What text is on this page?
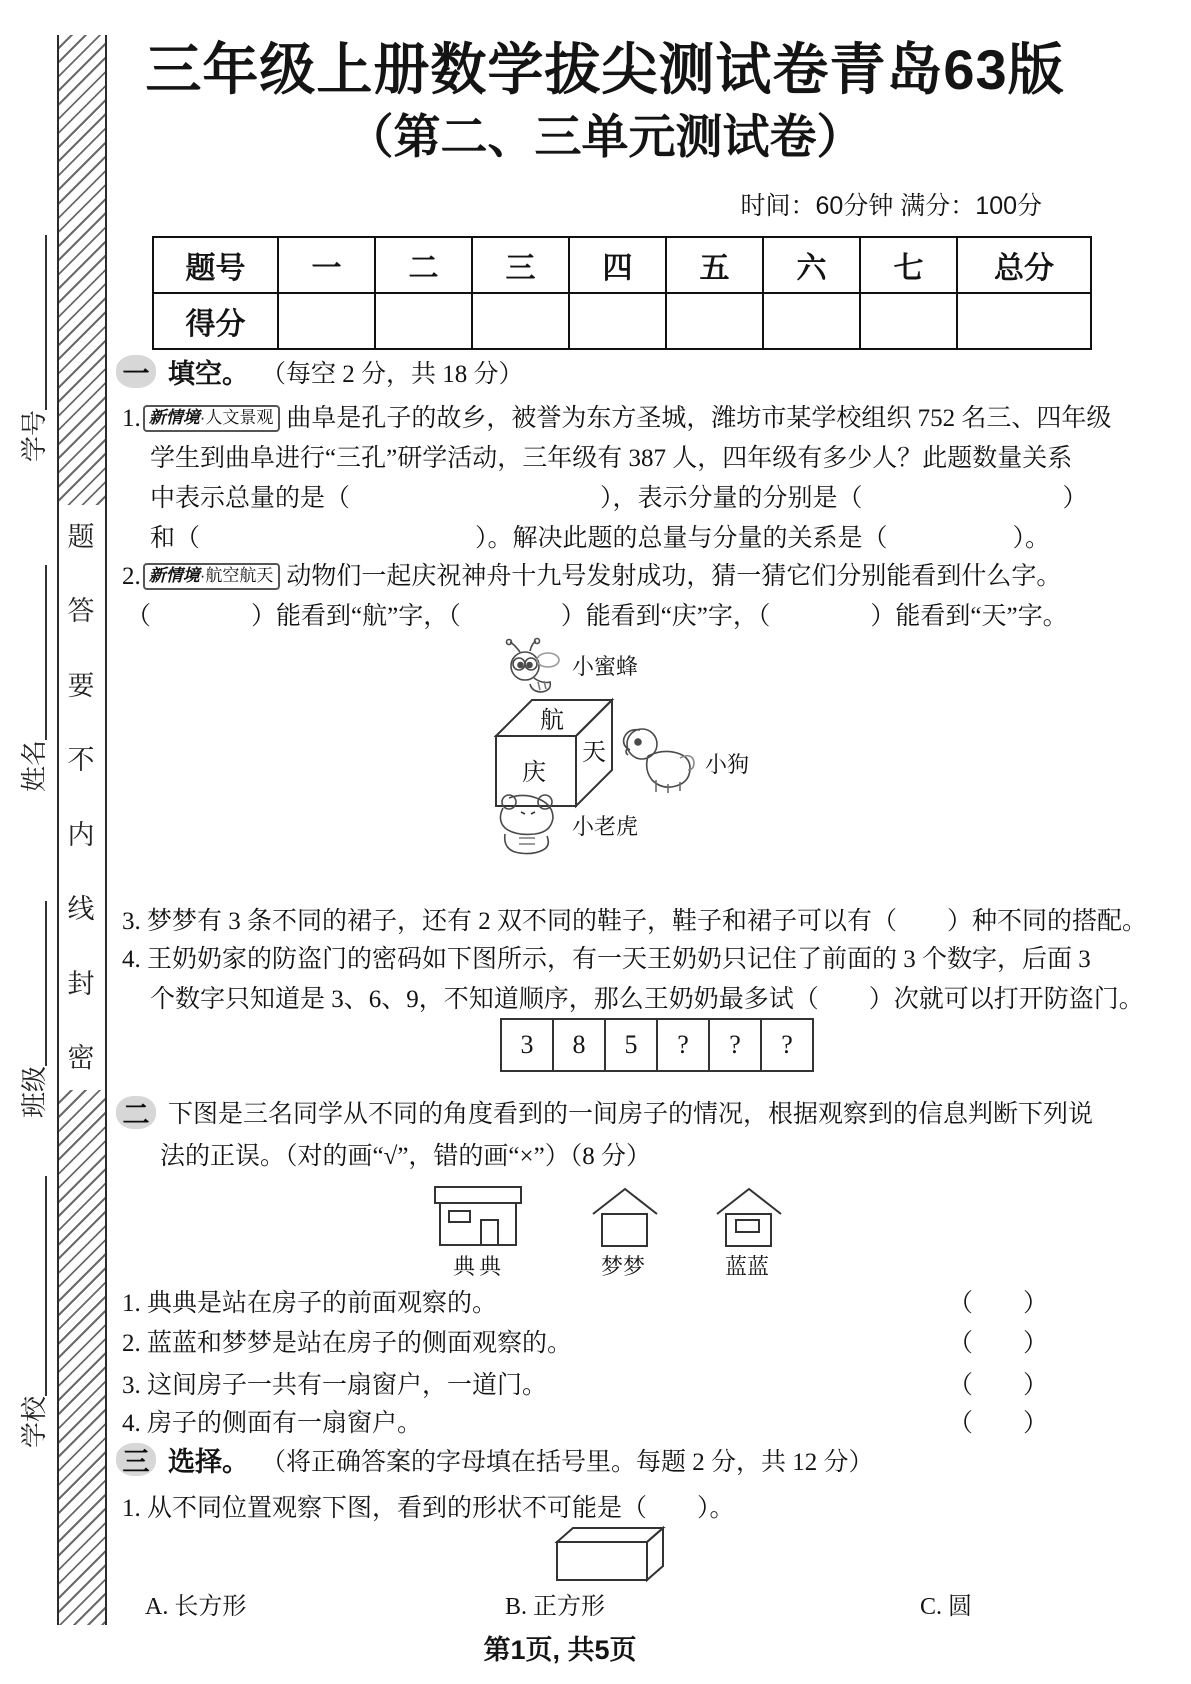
学号
姓名
班级
学校
题
答
要
不
内
线
封
密
三年级上册数学拔尖测试卷青岛63版
（第二、三单元测试卷）
时间：60分钟 满分：100分
题号	一	二	三	四	五	六	七	总分
得分								
一 填空。 （每空 2 分，共 18 分）
1. 新情境·人文景观 曲阜是孔子的故乡，被誉为东方圣城，潍坊市某学校组织 752 名三、四年级
学生到曲阜进行“三孔”研学活动，三年级有 387 人，四年级有多少人？此题数量关系
中表示总量的是（　　　　　　　　　　），表示分量的分别是（　　　　　　　　）
和（　　　　　　　　　　　）。解决此题的总量与分量的关系是（　　　　　）。
2. 新情境·航空航天 动物们一起庆祝神舟十九号发射成功，猜一猜它们分别能看到什么字。
（　　　　）能看到“航”字，（　　　　）能看到“庆”字，（　　　　）能看到“天”字。
小蜜蜂
航
庆
天	小狗
小老虎
3. 梦梦有 3 条不同的裙子，还有 2 双不同的鞋子，鞋子和裙子可以有（　　）种不同的搭配。
4. 王奶奶家的防盗门的密码如下图所示，有一天王奶奶只记住了前面的 3 个数字，后面 3
个数字只知道是 3、6、9，不知道顺序，那么王奶奶最多试（　　）次就可以打开防盗门。
3	8	5	?	?	?
二 下图是三名同学从不同的角度看到的一间房子的情况，根据观察到的信息判断下列说
法的正误。（对的画“√”，错的画“×”）（8 分）
典典	梦梦	蓝蓝
1. 典典是站在房子的前面观察的。	（　　）
2. 蓝蓝和梦梦是站在房子的侧面观察的。	（　　）
3. 这间房子一共有一扇窗户，一道门。	（　　）
4. 房子的侧面有一扇窗户。	（　　）
三 选择。 （将正确答案的字母填在括号里。每题 2 分，共 12 分）
1. 从不同位置观察下图，看到的形状不可能是（　　）。
A. 长方形	B. 正方形	C. 圆
第1页, 共5页
